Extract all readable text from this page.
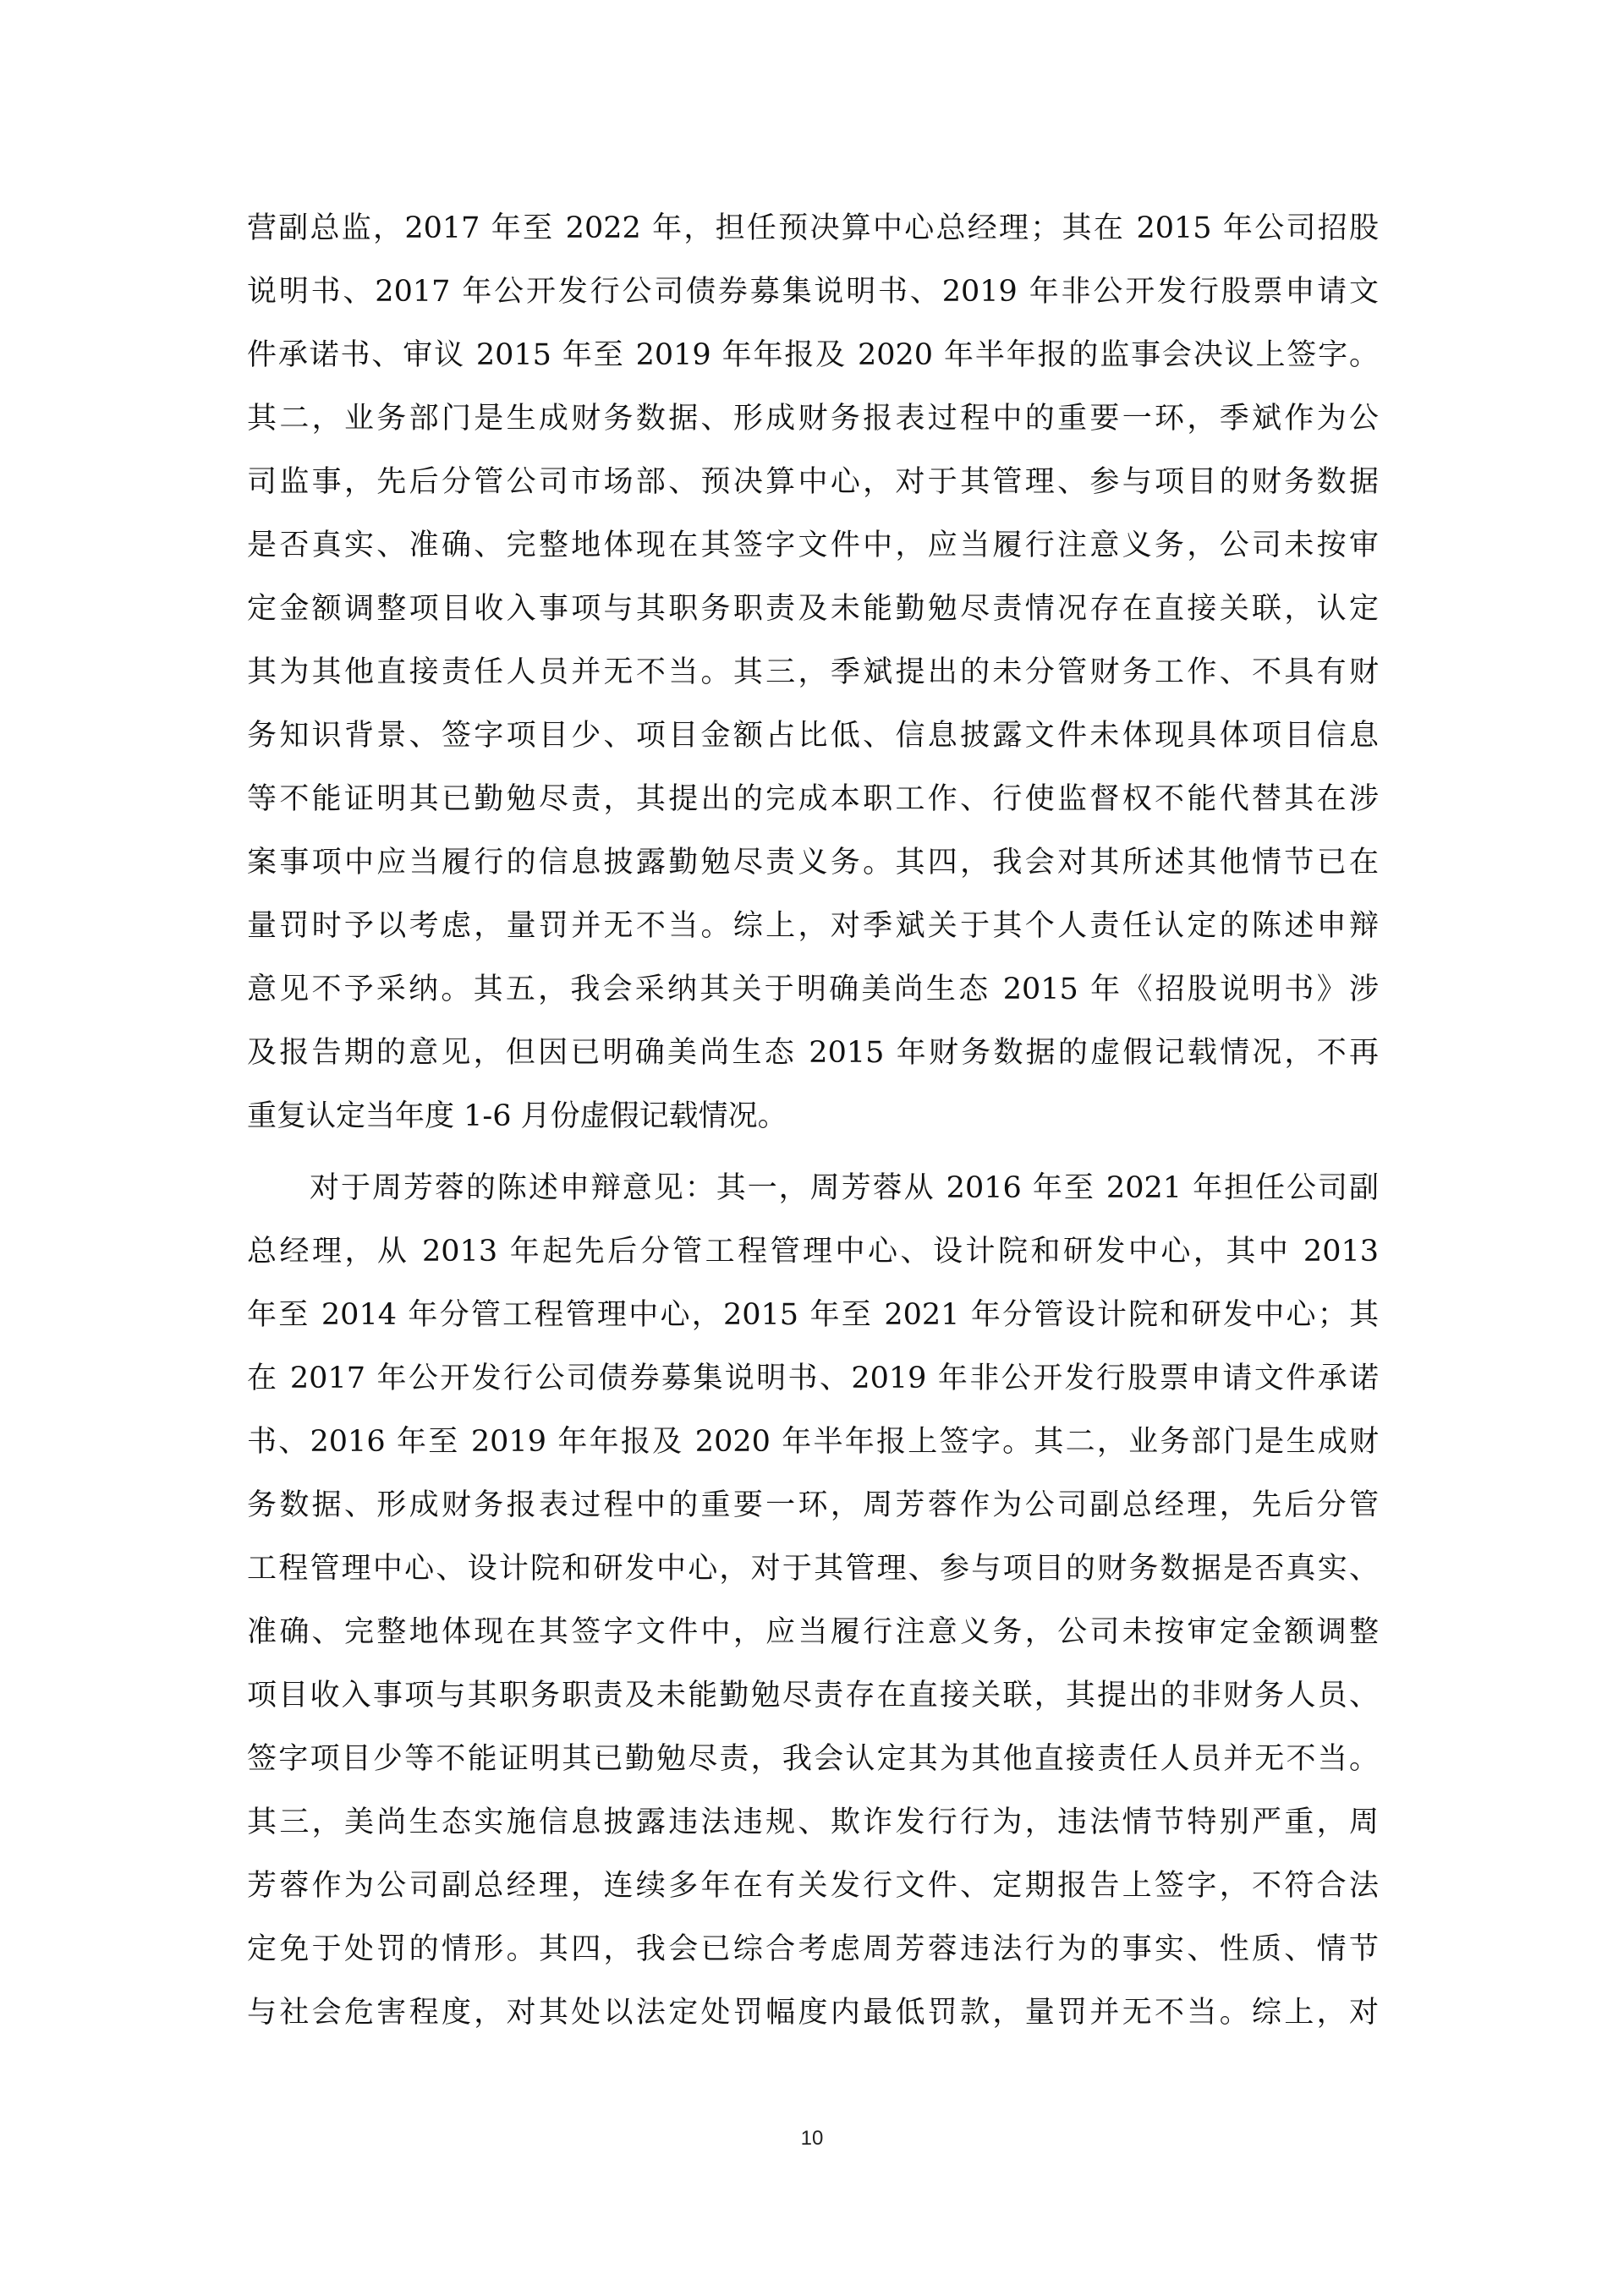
营副总监，2017 年至 2022 年，担任预决算中心总经理；其在 2015 年公司招股
说明书、2017 年公开发行公司债券募集说明书、2019 年非公开发行股票申请文
件承诺书、审议 2015 年至 2019 年年报及 2020 年半年报的监事会决议上签字。
其二，业务部门是生成财务数据、形成财务报表过程中的重要一环，季斌作为公
司监事，先后分管公司市场部、预决算中心，对于其管理、参与项目的财务数据
是否真实、准确、完整地体现在其签字文件中，应当履行注意义务，公司未按审
定金额调整项目收入事项与其职务职责及未能勤勉尽责情况存在直接关联，认定
其为其他直接责任人员并无不当。其三，季斌提出的未分管财务工作、不具有财
务知识背景、签字项目少、项目金额占比低、信息披露文件未体现具体项目信息
等不能证明其已勤勉尽责，其提出的完成本职工作、行使监督权不能代替其在涉
案事项中应当履行的信息披露勤勉尽责义务。其四，我会对其所述其他情节已在
量罚时予以考虑，量罚并无不当。综上，对季斌关于其个人责任认定的陈述申辩
意见不予采纳。其五，我会采纳其关于明确美尚生态 2015 年《招股说明书》涉
及报告期的意见，但因已明确美尚生态 2015 年财务数据的虚假记载情况，不再
重复认定当年度 1-6 月份虚假记载情况。
对于周芳蓉的陈述申辩意见：其一，周芳蓉从 2016 年至 2021 年担任公司副
总经理，从 2013 年起先后分管工程管理中心、设计院和研发中心，其中 2013
年至 2014 年分管工程管理中心，2015 年至 2021 年分管设计院和研发中心；其
在 2017 年公开发行公司债券募集说明书、2019 年非公开发行股票申请文件承诺
书、2016 年至 2019 年年报及 2020 年半年报上签字。其二，业务部门是生成财
务数据、形成财务报表过程中的重要一环，周芳蓉作为公司副总经理，先后分管
工程管理中心、设计院和研发中心，对于其管理、参与项目的财务数据是否真实、
准确、完整地体现在其签字文件中，应当履行注意义务，公司未按审定金额调整
项目收入事项与其职务职责及未能勤勉尽责存在直接关联，其提出的非财务人员、
签字项目少等不能证明其已勤勉尽责，我会认定其为其他直接责任人员并无不当。
其三，美尚生态实施信息披露违法违规、欺诈发行行为，违法情节特别严重，周
芳蓉作为公司副总经理，连续多年在有关发行文件、定期报告上签字，不符合法
定免于处罚的情形。其四，我会已综合考虑周芳蓉违法行为的事实、性质、情节
与社会危害程度，对其处以法定处罚幅度内最低罚款，量罚并无不当。综上，对
10
